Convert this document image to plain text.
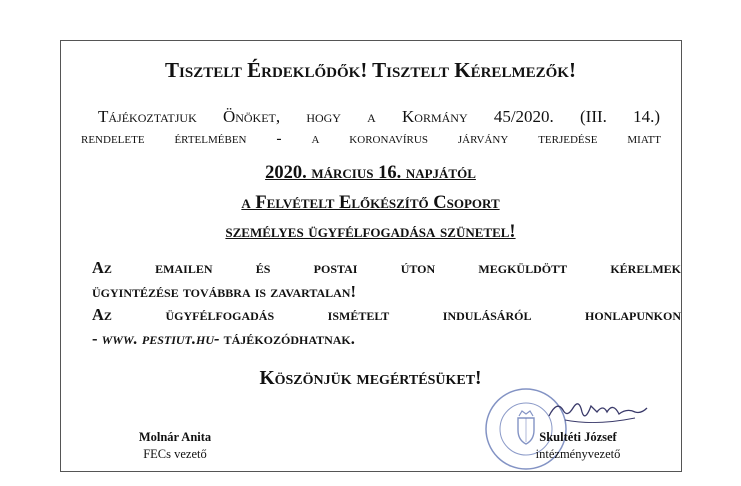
Tisztelt Érdeklődők! Tisztelt Kérelmezők!
Tájékoztatjuk Önöket, hogy a Kormány 45/2020. (III. 14.)
rendelete értelmében - a koronavírus járvány terjedése miatt
2020. március 16. napjától
a Felvételt Előkészítő Csoport
személyes ügyfélfogadása szünetel!
Az emailen és postai úton megküldött kérelmek
ügyintézése továbbra is zavartalan!
Az ügyfélfogadás ismételt indulásáról honlapunkon
- www. pestiut.hu- tájékozódhatnak.
Köszönjük megértésüket!
Molnár Anita
FECs vezető
Skultéti József
intézményvezető
